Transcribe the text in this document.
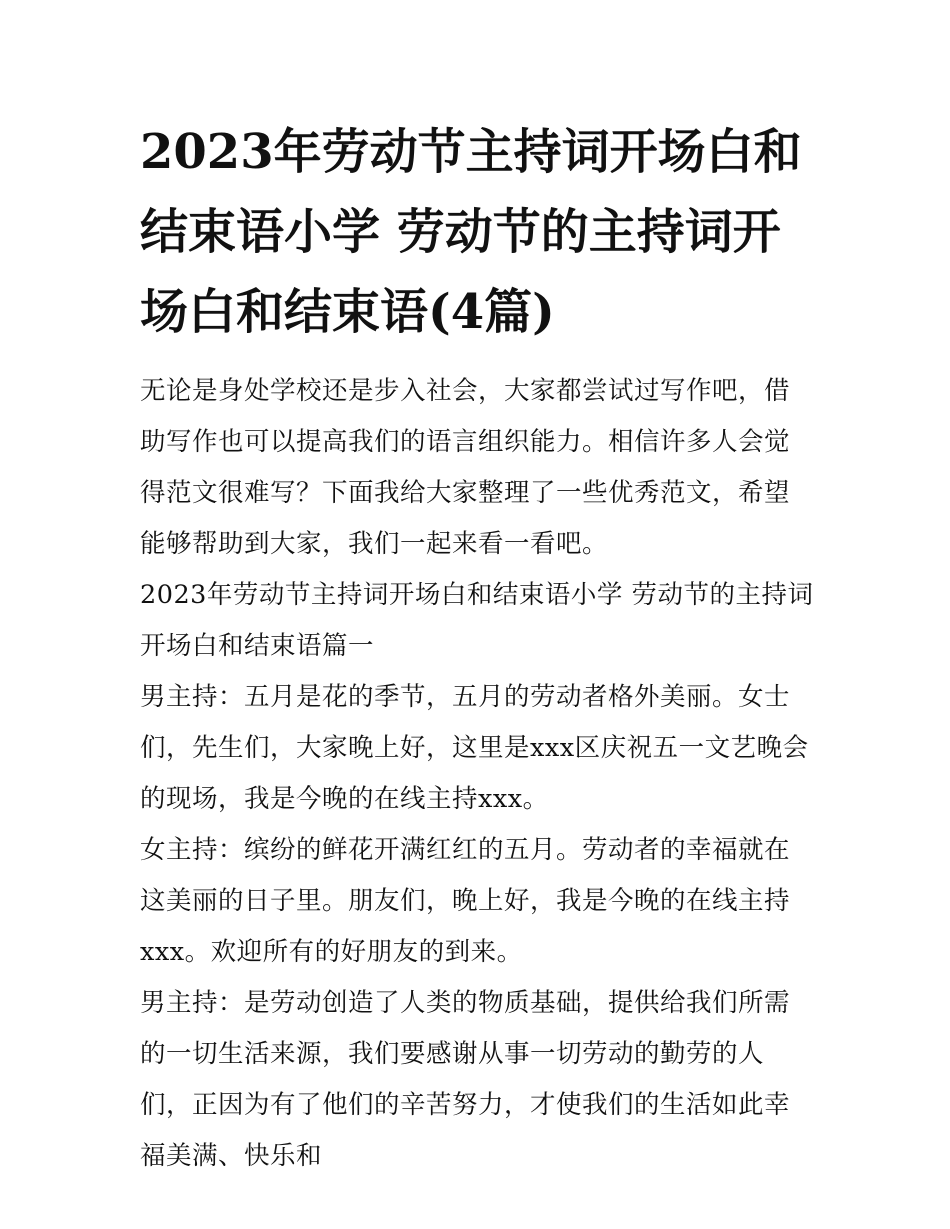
2023年劳动节主持词开场白和结束语小学 劳动节的主持词开场白和结束语(4篇)

无论是身处学校还是步入社会，大家都尝试过写作吧，借助写作也可以提高我们的语言组织能力。相信许多人会觉得范文很难写？下面我给大家整理了一些优秀范文，希望能够帮助到大家，我们一起来看一看吧。

2023年劳动节主持词开场白和结束语小学 劳动节的主持词开场白和结束语篇一

男主持：五月是花的季节，五月的劳动者格外美丽。女士们，先生们，大家晚上好，这里是xxx区庆祝五一文艺晚会的现场，我是今晚的在线主持xxx。

女主持：缤纷的鲜花开满红红的五月。劳动者的幸福就在这美丽的日子里。朋友们，晚上好，我是今晚的在线主持xxx。欢迎所有的好朋友的到来。

男主持：是劳动创造了人类的物质基础，提供给我们所需的一切生活来源，我们要感谢从事一切劳动的勤劳的人们，正因为有了他们的辛苦努力，才使我们的生活如此幸福美满、快乐和
